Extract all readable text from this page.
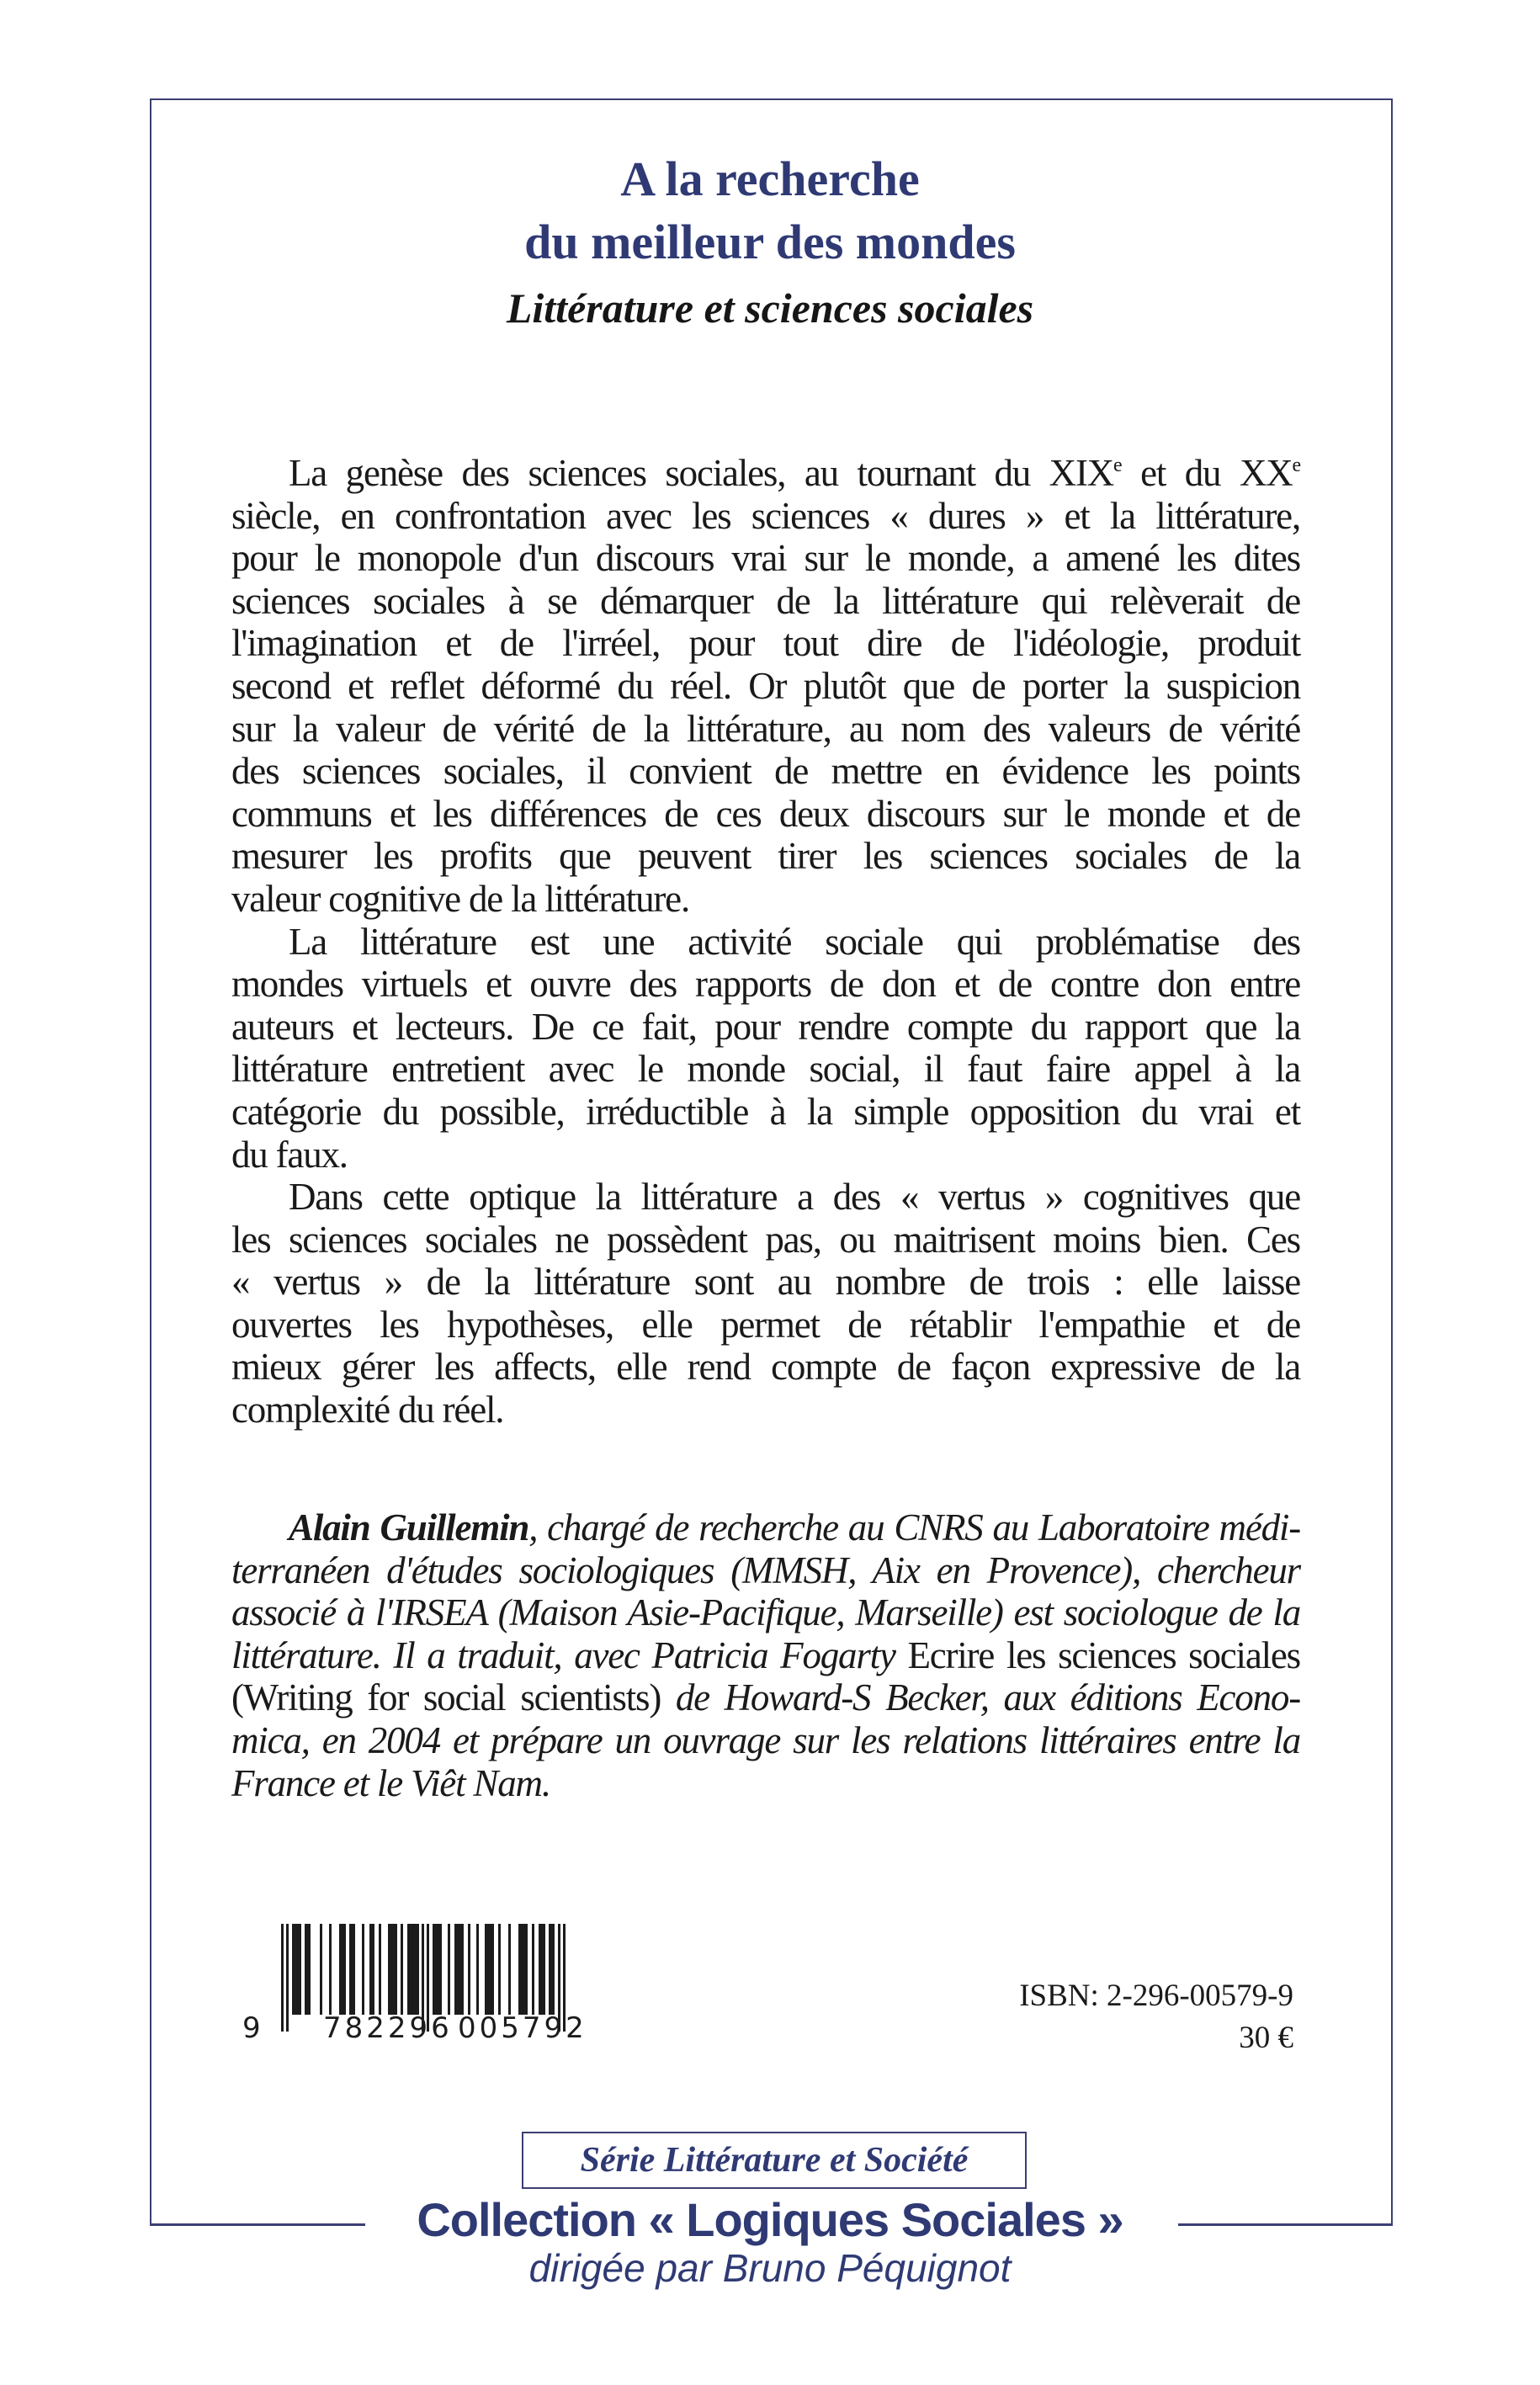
A la recherche
du meilleur des mondes
Littérature et sciences sociales
La genèse des sciences sociales, au tournant du XIXe et du XXe
siècle, en confrontation avec les sciences « dures » et la littérature,
pour le monopole d'un discours vrai sur le monde, a amené les dites
sciences sociales à se démarquer de la littérature qui relèverait de
l'imagination et de l'irréel, pour tout dire de l'idéologie, produit
second et reflet déformé du réel. Or plutôt que de porter la suspicion
sur la valeur de vérité de la littérature, au nom des valeurs de vérité
des sciences sociales, il convient de mettre en évidence les points
communs et les différences de ces deux discours sur le monde et de
mesurer les profits que peuvent tirer les sciences sociales de la
valeur cognitive de la littérature.
La littérature est une activité sociale qui problématise des
mondes virtuels et ouvre des rapports de don et de contre don entre
auteurs et lecteurs. De ce fait, pour rendre compte du rapport que la
littérature entretient avec le monde social, il faut faire appel à la
catégorie du possible, irréductible à la simple opposition du vrai et
du faux.
Dans cette optique la littérature a des « vertus » cognitives que
les sciences sociales ne possèdent pas, ou maitrisent moins bien. Ces
« vertus » de la littérature sont au nombre de trois : elle laisse
ouvertes les hypothèses, elle permet de rétablir l'empathie et de
mieux gérer les affects, elle rend compte de façon expressive de la
complexité du réel.
Alain Guillemin, chargé de recherche au CNRS au Laboratoire médi-
terranéen d'études sociologiques (MMSH, Aix en Provence), chercheur
associé à l'IRSEA (Maison Asie-Pacifique, Marseille) est sociologue de la
littérature. Il a traduit, avec Patricia Fogarty Ecrire les sciences sociales
(Writing for social scientists) de Howard-S Becker, aux éditions Econo-
mica, en 2004 et prépare un ouvrage sur les relations littéraires entre la
France et le Viêt Nam.
9 782296 005792
ISBN: 2-296-00579-9
30 €
Série Littérature et Société
Collection « Logiques Sociales »
dirigée par Bruno Péquignot
